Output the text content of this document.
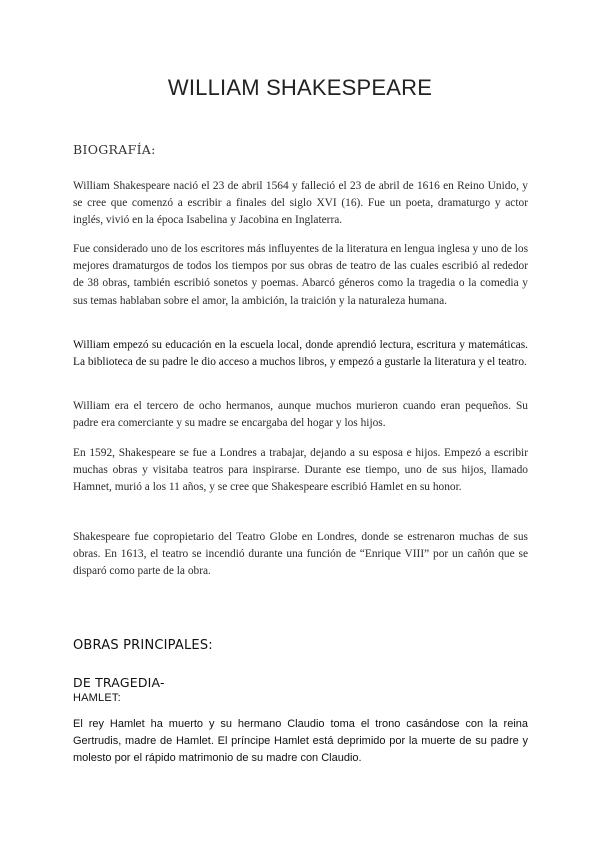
WILLIAM SHAKESPEARE
BIOGRAFÍA:

William Shakespeare nació el 23 de abril 1564 y falleció el 23 de abril de 1616 en Reino Unido, y se cree que comenzó a escribir a finales del siglo XVI (16). Fue un poeta, dramaturgo y actor inglés, vivió en la época Isabelina y Jacobina en Inglaterra.

Fue considerado uno de los escritores más influyentes de la literatura en lengua inglesa y uno de los mejores dramaturgos de todos los tiempos por sus obras de teatro de las cuales escribió al rededor de 38 obras, también escribió sonetos y poemas. Abarcó géneros como la tragedia o la comedia y sus temas hablaban sobre el amor, la ambición, la traición y la naturaleza humana.

William empezó su educación en la escuela local, donde aprendió lectura, escritura y matemáticas. La biblioteca de su padre le dio acceso a muchos libros, y empezó a gustarle la literatura y el teatro.

William era el tercero de ocho hermanos, aunque muchos murieron cuando eran pequeños. Su padre era comerciante y su madre se encargaba del hogar y los hijos.

En 1592, Shakespeare se fue a Londres a trabajar, dejando a su esposa e hijos. Empezó a escribir muchas obras y visitaba teatros para inspirarse. Durante ese tiempo, uno de sus hijos, llamado Hamnet, murió a los 11 años, y se cree que Shakespeare escribió Hamlet en su honor.

Shakespeare fue copropietario del Teatro Globe en Londres, donde se estrenaron muchas de sus obras. En 1613, el teatro se incendió durante una función de “Enrique VIII” por un cañón que se disparó como parte de la obra.

OBRAS PRINCIPALES:
DE TRAGEDIA-
HAMLET:

El rey Hamlet ha muerto y su hermano Claudio toma el trono casándose con la reina Gertrudis, madre de Hamlet. El príncipe Hamlet está deprimido por la muerte de su padre y molesto por el rápido matrimonio de su madre con Claudio.
